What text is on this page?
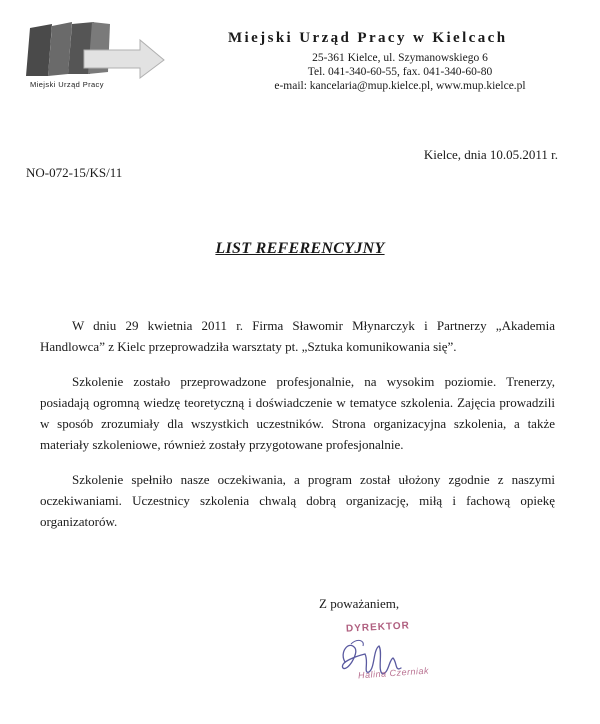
Miejski Urząd Pracy
Miejski Urząd Pracy w Kielcach
25-361 Kielce, ul. Szymanowskiego 6
Tel. 041-340-60-55, fax. 041-340-60-80
e-mail: kancelaria@mup.kielce.pl, www.mup.kielce.pl
Kielce, dnia 10.05.2011 r.
NO-072-15/KS/11
LIST REFERENCYJNY

W dniu 29 kwietnia 2011 r. Firma Sławomir Młynarczyk i Partnerzy „Akademia Handlowca” z Kielc przeprowadziła warsztaty pt. „Sztuka komunikowania się”.

Szkolenie zostało przeprowadzone profesjonalnie, na wysokim poziomie. Trenerzy, posiadają ogromną wiedzę teoretyczną i doświadczenie w tematyce szkolenia. Zajęcia prowadzili w sposób zrozumiały dla wszystkich uczestników. Strona organizacyjna szkolenia, a także materiały szkoleniowe, również zostały przygotowane profesjonalnie.

Szkolenie spełniło nasze oczekiwania, a program został ułożony zgodnie z naszymi oczekiwaniami. Uczestnicy szkolenia chwalą dobrą organizację, miłą i fachową opiekę organizatorów.

Z poważaniem,
DYREKTOR
Halina Czerniak
